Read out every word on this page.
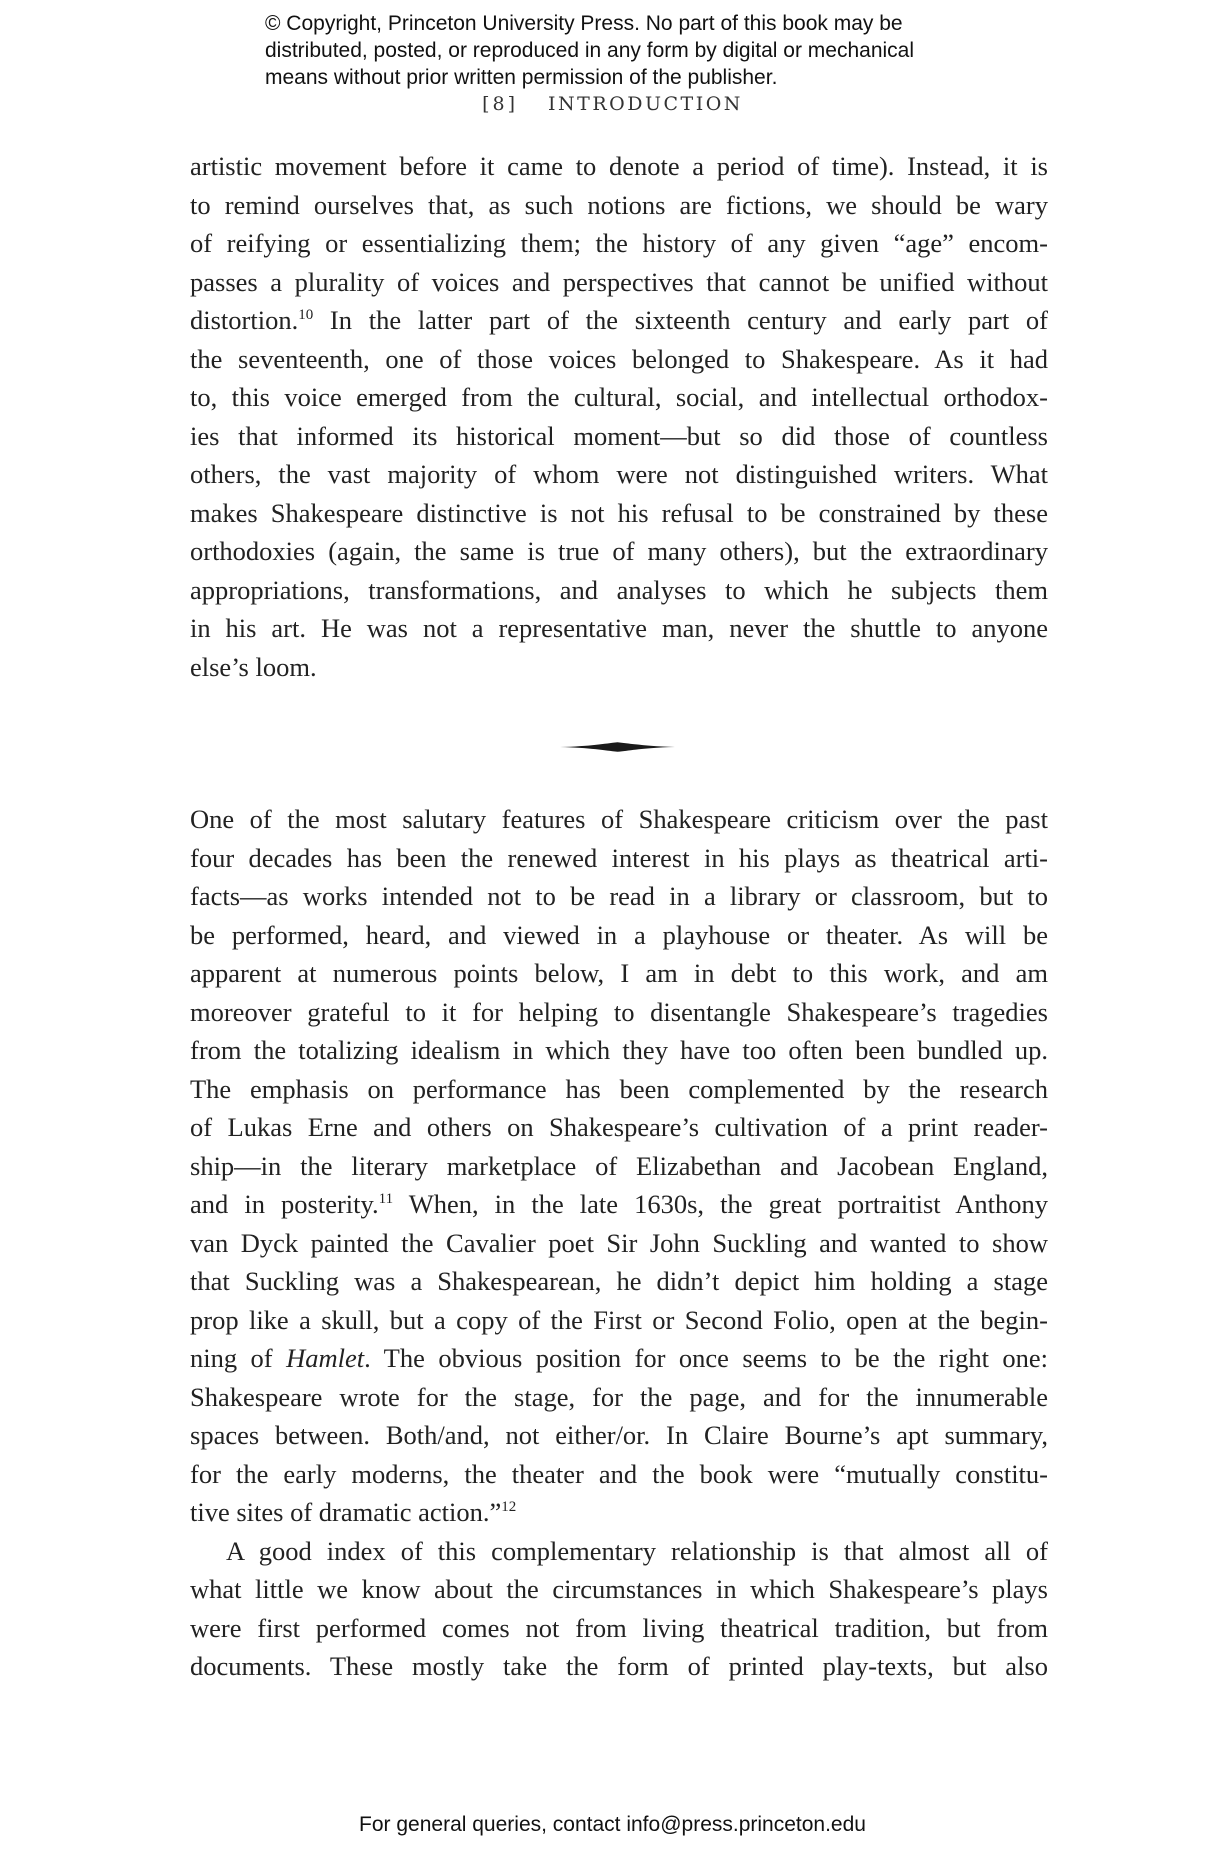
© Copyright, Princeton University Press. No part of this book may be
distributed, posted, or reproduced in any form by digital or mechanical
means without prior written permission of the publisher.
[8] INTRODUCTION
artistic movement before it came to denote a period of time). Instead, it is
to remind ourselves that, as such notions are fictions, we should be wary
of reifying or essentializing them; the history of any given “age” encom-
passes a plurality of voices and perspectives that cannot be unified without
distortion.$^{10}$ In the latter part of the sixteenth century and early part of
the seventeenth, one of those voices belonged to Shakespeare. As it had
to, this voice emerged from the cultural, social, and intellectual orthodox-
ies that informed its historical moment—but so did those of countless
others, the vast majority of whom were not distinguished writers. What
makes Shakespeare distinctive is not his refusal to be constrained by these
orthodoxies (again, the same is true of many others), but the extraordinary
appropriations, transformations, and analyses to which he subjects them
in his art. He was not a representative man, never the shuttle to anyone
else’s loom.
One of the most salutary features of Shakespeare criticism over the past
four decades has been the renewed interest in his plays as theatrical arti-
facts—as works intended not to be read in a library or classroom, but to
be performed, heard, and viewed in a playhouse or theater. As will be
apparent at numerous points below, I am in debt to this work, and am
moreover grateful to it for helping to disentangle Shakespeare’s tragedies
from the totalizing idealism in which they have too often been bundled up.
The emphasis on performance has been complemented by the research
of Lukas Erne and others on Shakespeare’s cultivation of a print reader-
ship—in the literary marketplace of Elizabethan and Jacobean England,
and in posterity.$^{11}$ When, in the late 1630s, the great portraitist Anthony
van Dyck painted the Cavalier poet Sir John Suckling and wanted to show
that Suckling was a Shakespearean, he didn’t depict him holding a stage
prop like a skull, but a copy of the First or Second Folio, open at the begin-
ning of Hamlet. The obvious position for once seems to be the right one:
Shakespeare wrote for the stage, for the page, and for the innumerable
spaces between. Both/and, not either/or. In Claire Bourne’s apt summary,
for the early moderns, the theater and the book were “mutually constitu-
tive sites of dramatic action.”$^{12}$
A good index of this complementary relationship is that almost all of
what little we know about the circumstances in which Shakespeare’s plays
were first performed comes not from living theatrical tradition, but from
documents. These mostly take the form of printed play-texts, but also
For general queries, contact info@press.princeton.edu
